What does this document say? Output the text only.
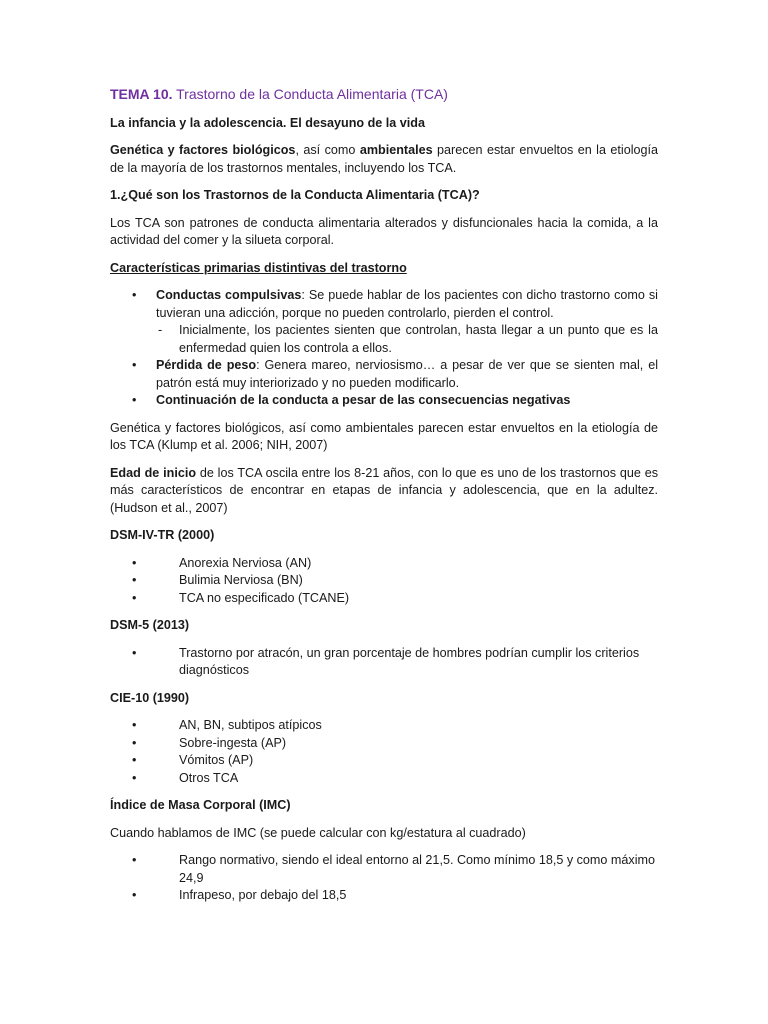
TEMA 10. Trastorno de la Conducta Alimentaria (TCA)

La infancia y la adolescencia. El desayuno de la vida

Genética y factores biológicos, así como ambientales parecen estar envueltos en la etiología de la mayoría de los trastornos mentales, incluyendo los TCA.

1.¿Qué son los Trastornos de la Conducta Alimentaria (TCA)?

Los TCA son patrones de conducta alimentaria alterados y disfuncionales hacia la comida, a la actividad del comer y la silueta corporal.

Características primarias distintivas del trastorno

• Conductas compulsivas: Se puede hablar de los pacientes con dicho trastorno como si tuvieran una adicción, porque no pueden controlarlo, pierden el control.
- Inicialmente, los pacientes sienten que controlan, hasta llegar a un punto que es la enfermedad quien los controla a ellos.
• Pérdida de peso: Genera mareo, nerviosismo… a pesar de ver que se sienten mal, el patrón está muy interiorizado y no pueden modificarlo.
• Continuación de la conducta a pesar de las consecuencias negativas

Genética y factores biológicos, así como ambientales parecen estar envueltos en la etiología de los TCA (Klump et al. 2006; NIH, 2007)

Edad de inicio de los TCA oscila entre los 8-21 años, con lo que es uno de los trastornos que es más característicos de encontrar en etapas de infancia y adolescencia, que en la adultez. (Hudson et al., 2007)

DSM-IV-TR (2000)

• Anorexia Nerviosa (AN)
• Bulimia Nerviosa (BN)
• TCA no especificado (TCANE)

DSM-5 (2013)

• Trastorno por atracón, un gran porcentaje de hombres podrían cumplir los criterios diagnósticos

CIE-10 (1990)

• AN, BN, subtipos atípicos
• Sobre-ingesta (AP)
• Vómitos (AP)
• Otros TCA

Índice de Masa Corporal (IMC)

Cuando hablamos de IMC (se puede calcular con kg/estatura al cuadrado)

• Rango normativo, siendo el ideal entorno al 21,5. Como mínimo 18,5 y como máximo 24,9
• Infrapeso, por debajo del 18,5
